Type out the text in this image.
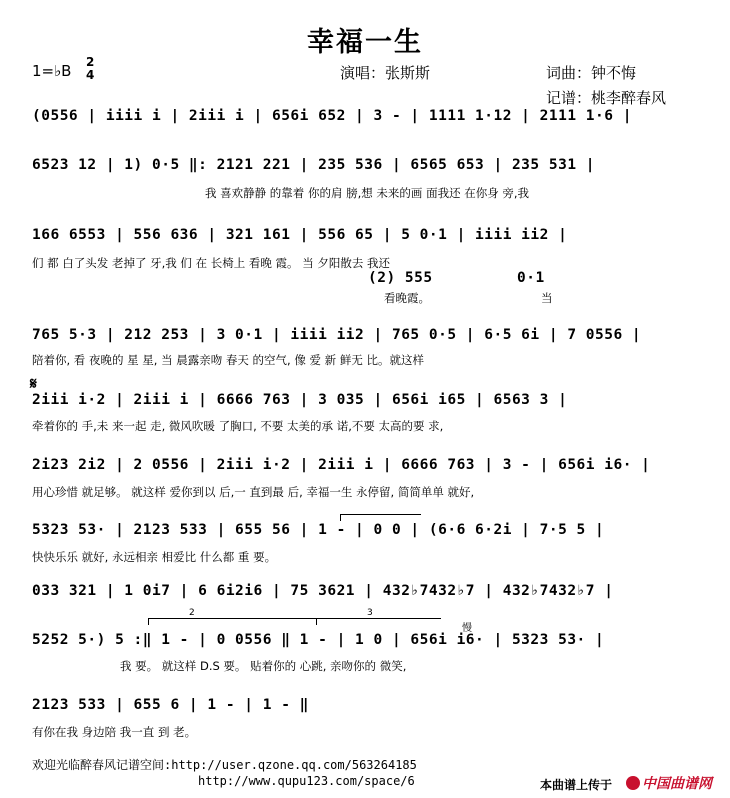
幸福一生
1=♭B 2
4	演唱：张斯斯	词曲：钟不悔
记谱：桃李醉春风
(0556 | iiii i | 2iii i | 656i 652 | 3 - | 1111 1·12 | 2111 1·6 |
6523 12 | 1) 0·5 ‖: 2121 221 | 235 536 | 6565 653 | 235 531 |
我 喜欢静静 的靠着 你的肩 膀,想 未来的画 面我还 在你身 旁,我
166 6553 | 556 636 | 321 161 | 556 65 | 5 0·1 | iiii ii2 |
们 都 白了头发 老掉了 牙,我 们 在 长椅上 看晚 霞。 当 夕阳散去 我还
(2) 555
看晚霞。
0·1
当
765 5·3 | 212 253 | 3 0·1 | iiii ii2 | 765 0·5 | 6·5 6i | 7 0556 |
陪着你, 看 夜晚的 星 星, 当 晨露亲吻 春天 的空气, 像 爱 新 鲜无 比。就这样
𝄋
2iii i·2 | 2iii i | 6666 763 | 3 035 | 656i i65 | 6563 3 |
牵着你的 手,未 来一起 走, 微风吹暖 了胸口, 不要 太美的承 诺,不要 太高的要 求,
2i23 2i2 | 2 0556 | 2iii i·2 | 2iii i | 6666 763 | 3 - | 656i i6· |
用心珍惜 就足够。 就这样 爱你到以 后,一 直到最 后, 幸福一生 永停留, 简简单单 就好,
5323 53· | 2123 533 | 655 56 | 1 - | 0 0 | (6·6 6·2i | 7·5 5 |
快快乐乐 就好, 永远相亲 相爱比 什么都 重 要。
033 321 | 1 0i7 | 6 6i2i6 | 75 3621 | 432♭7432♭7 | 432♭7432♭7 |
2	3
慢
5252 5·) 5 :‖ 1 - | 0 0556 ‖ 1 - | 1 0 | 656i i6· | 5323 53· |
我 要。 就这样 D.S 要。 贴着你的 心跳, 亲吻你的 微笑,
2123 533 | 655 6 | 1 - | 1 - ‖
有你在我 身边陪 我一直 到 老。
欢迎光临醉春风记谱空间:http://user.qzone.qq.com/563264185
http://www.qupu123.com/space/6	本曲谱上传于	中国曲谱网
